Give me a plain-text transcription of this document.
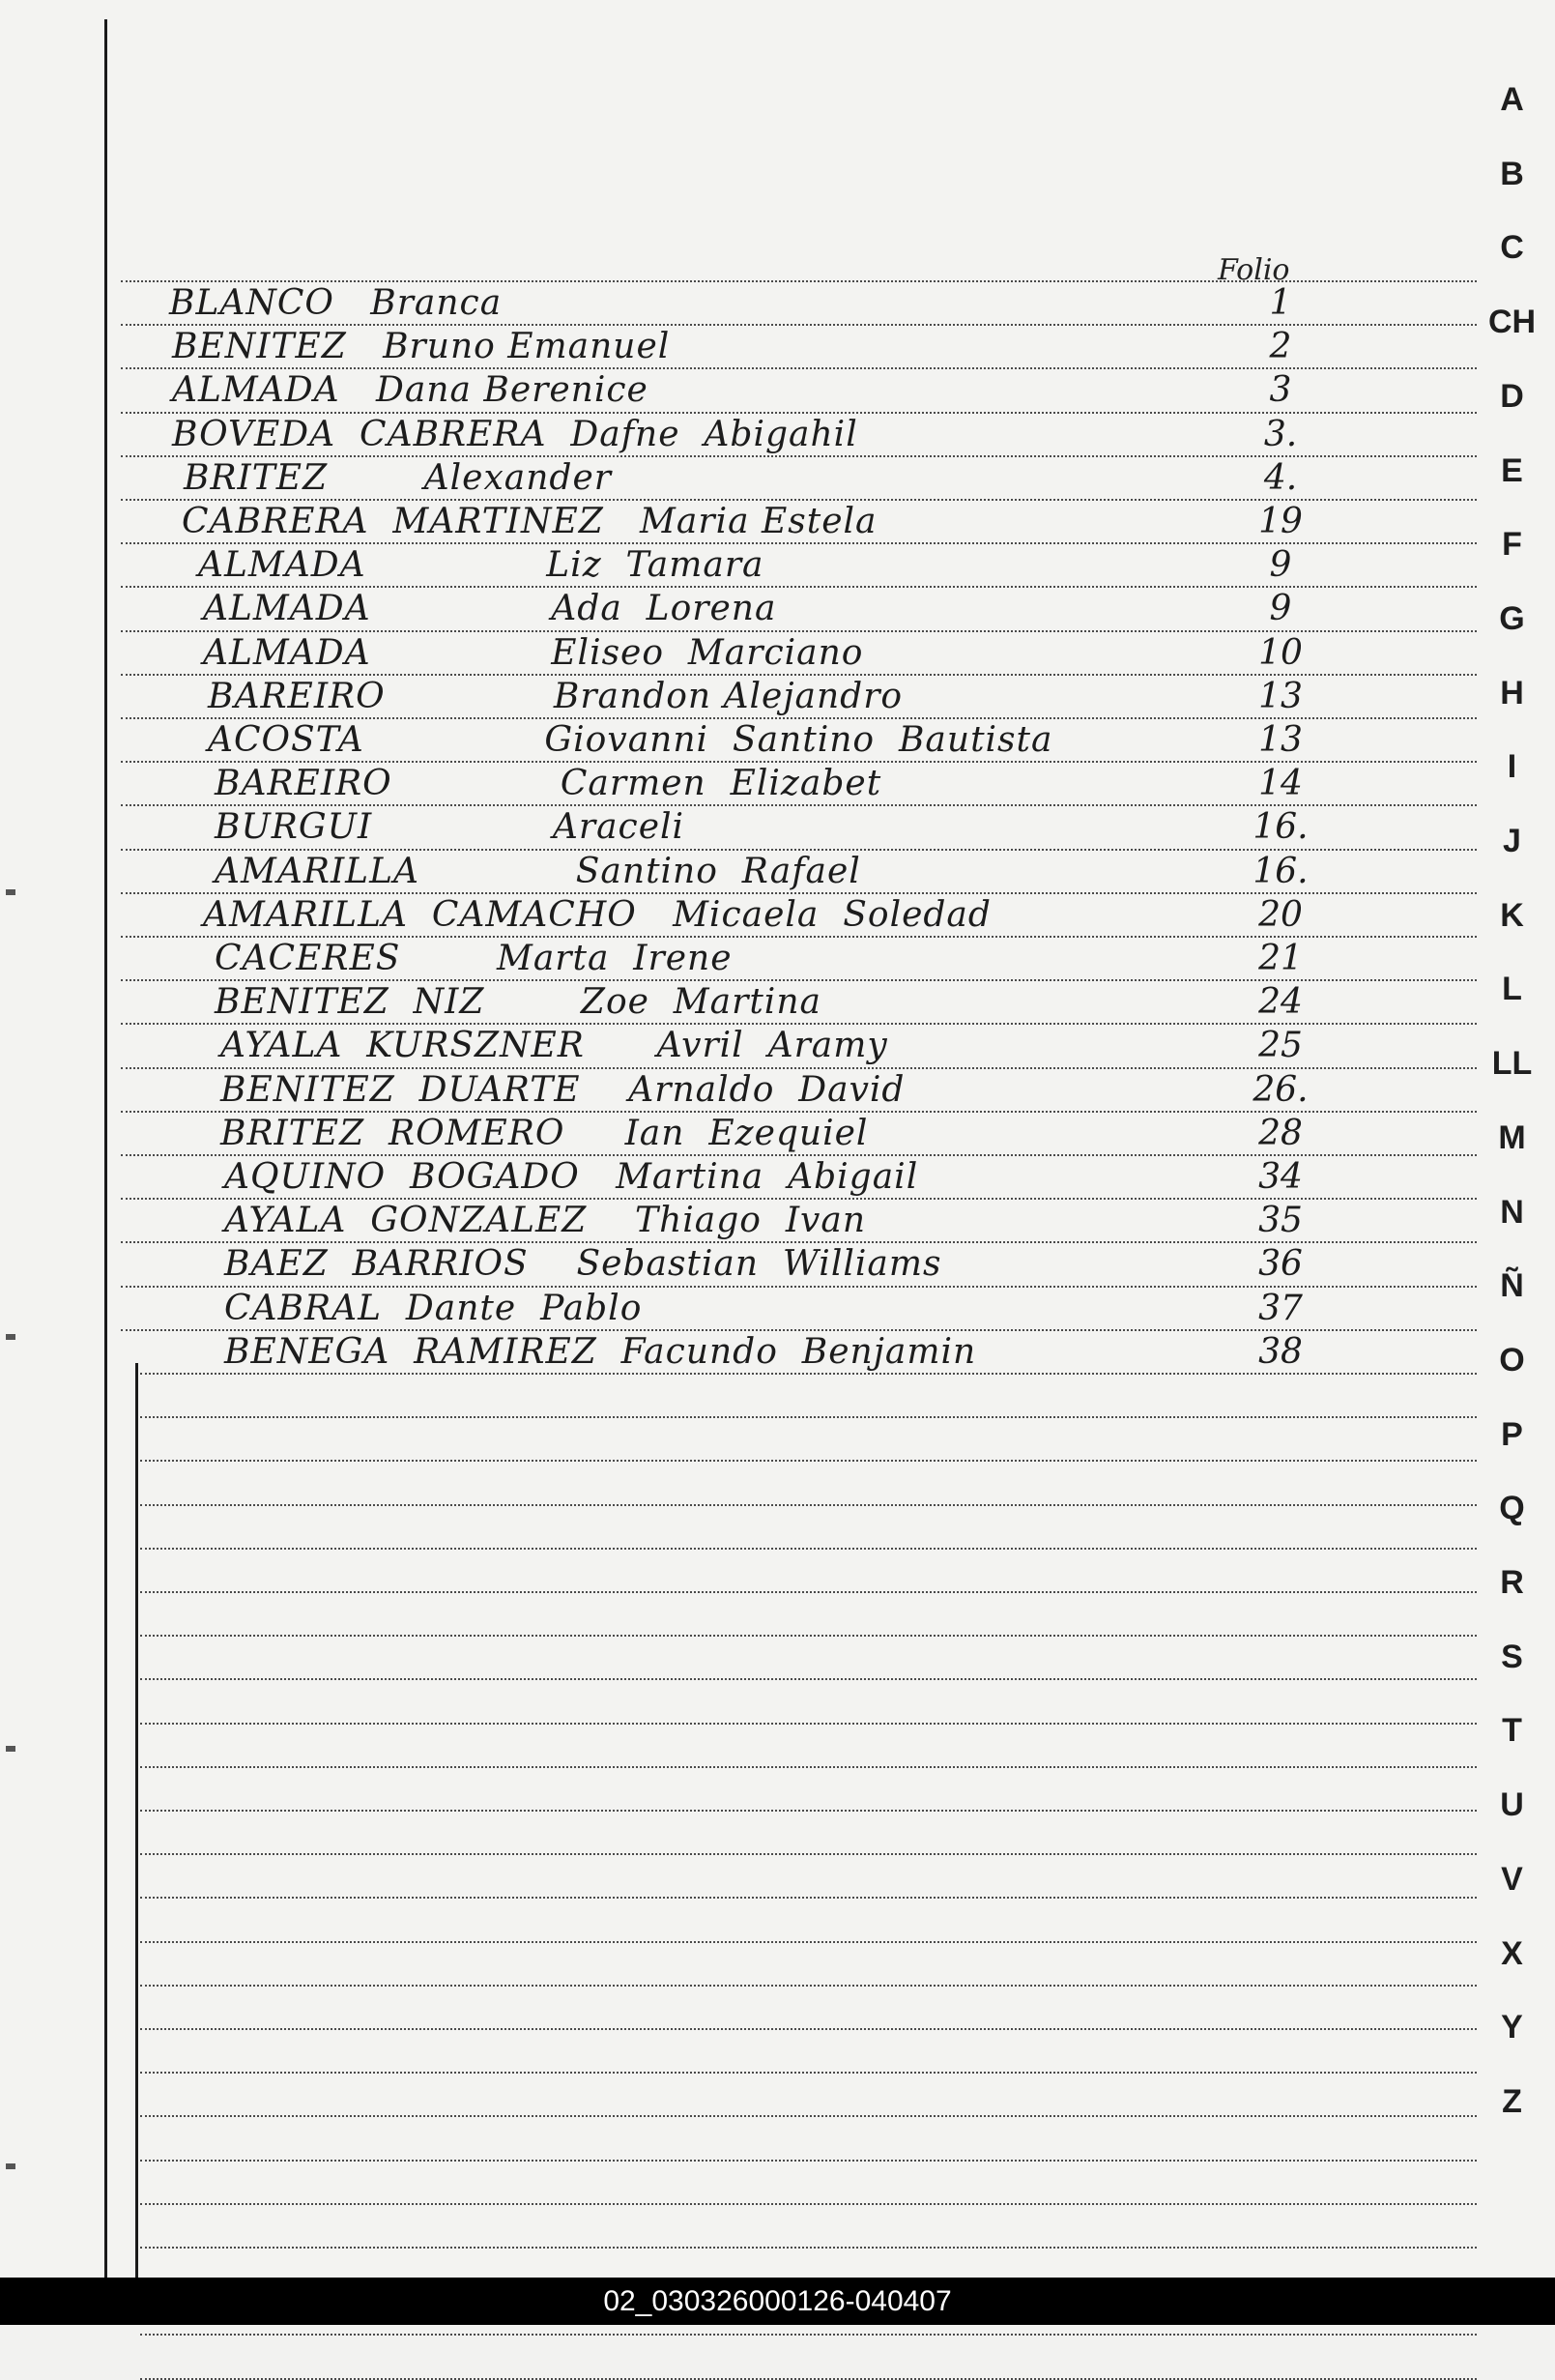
Folio
BLANCO   Branca	1
BENITEZ   Bruno Emanuel	2
ALMADA   Dana Berenice	3
BOVEDA  CABRERA  Dafne  Abigahil	3.
BRITEZ        Alexander	4.
CABRERA  MARTINEZ   Maria Estela	19
ALMADA               Liz  Tamara	9
ALMADA               Ada  Lorena	9
ALMADA               Eliseo  Marciano	10
BAREIRO              Brandon Alejandro	13
ACOSTA               Giovanni  Santino  Bautista	13
BAREIRO              Carmen  Elizabet	14
BURGUI               Araceli	16.
AMARILLA             Santino  Rafael	16.
AMARILLA  CAMACHO   Micaela  Soledad	20
CACERES        Marta  Irene	21
BENITEZ  NIZ        Zoe  Martina	24
AYALA  KURSZNER      Avril  Aramy	25
BENITEZ  DUARTE    Arnaldo  David	26.
BRITEZ  ROMERO     Ian  Ezequiel	28
AQUINO  BOGADO   Martina  Abigail	34
AYALA  GONZALEZ    Thiago  Ivan	35
BAEZ  BARRIOS    Sebastian  Williams	36
CABRAL  Dante  Pablo	37
BENEGA  RAMIREZ  Facundo  Benjamin	38
A
B
C
CH
D
E
F
G
H
I
J
K
L
LL
M
N
Ñ
O
P
Q
R
S
T
U
V
X
Y
Z
02_030326000126-040407
